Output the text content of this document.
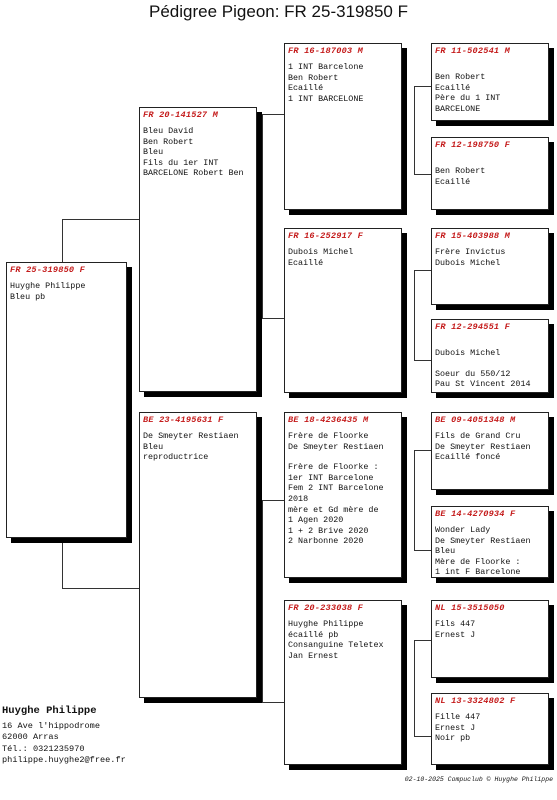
Pédigree Pigeon: FR 25-319850 F
FR 25-319850 F
Huyghe Philippe
Bleu pb
FR 20-141527 M
Bleu David
Ben Robert
Bleu
Fils du 1er INT
BARCELONE Robert Ben
BE 23-4195631 F
De Smeyter Restiaen
Bleu
reproductrice
FR 16-187003 M
1 INT Barcelone
Ben Robert
Ecaillé
1 INT BARCELONE
FR 16-252917 F
Dubois Michel
Ecaillé
BE 18-4236435 M
Frère de Floorke
De Smeyter Restiaen
Frère de Floorke :
1er INT Barcelone
Fem 2 INT Barcelone
2018
mère et Gd mère de
1 Agen 2020
1 + 2 Brive 2020
2 Narbonne 2020
FR 20-233038 F
Huyghe Philippe
écaillé pb
Consanguine Teletex
Jan Ernest
FR 11-502541 M
Ben Robert
Ecaillé
Père du 1 INT
BARCELONE
FR 12-198750 F
Ben Robert
Ecaillé
FR 15-403988 M
Frère Invictus
Dubois Michel
FR 12-294551 F
Dubois Michel
Soeur du 550/12
Pau St Vincent 2014
BE 09-4051348 M
Fils de Grand Cru
De Smeyter Restiaen
Ecaillé foncé
BE 14-4270934 F
Wonder Lady
De Smeyter Restiaen
Bleu
Mère de Floorke :
1 int F Barcelone
NL 15-3515050
Fils 447
Ernest J
NL 13-3324802 F
Fille 447
Ernest J
Noir pb
Huyghe Philippe
16 Ave l'hippodrome
62000 Arras
Tél.: 0321235970
philippe.huyghe2@free.fr
02-10-2025 Compuclub © Huyghe Philippe
